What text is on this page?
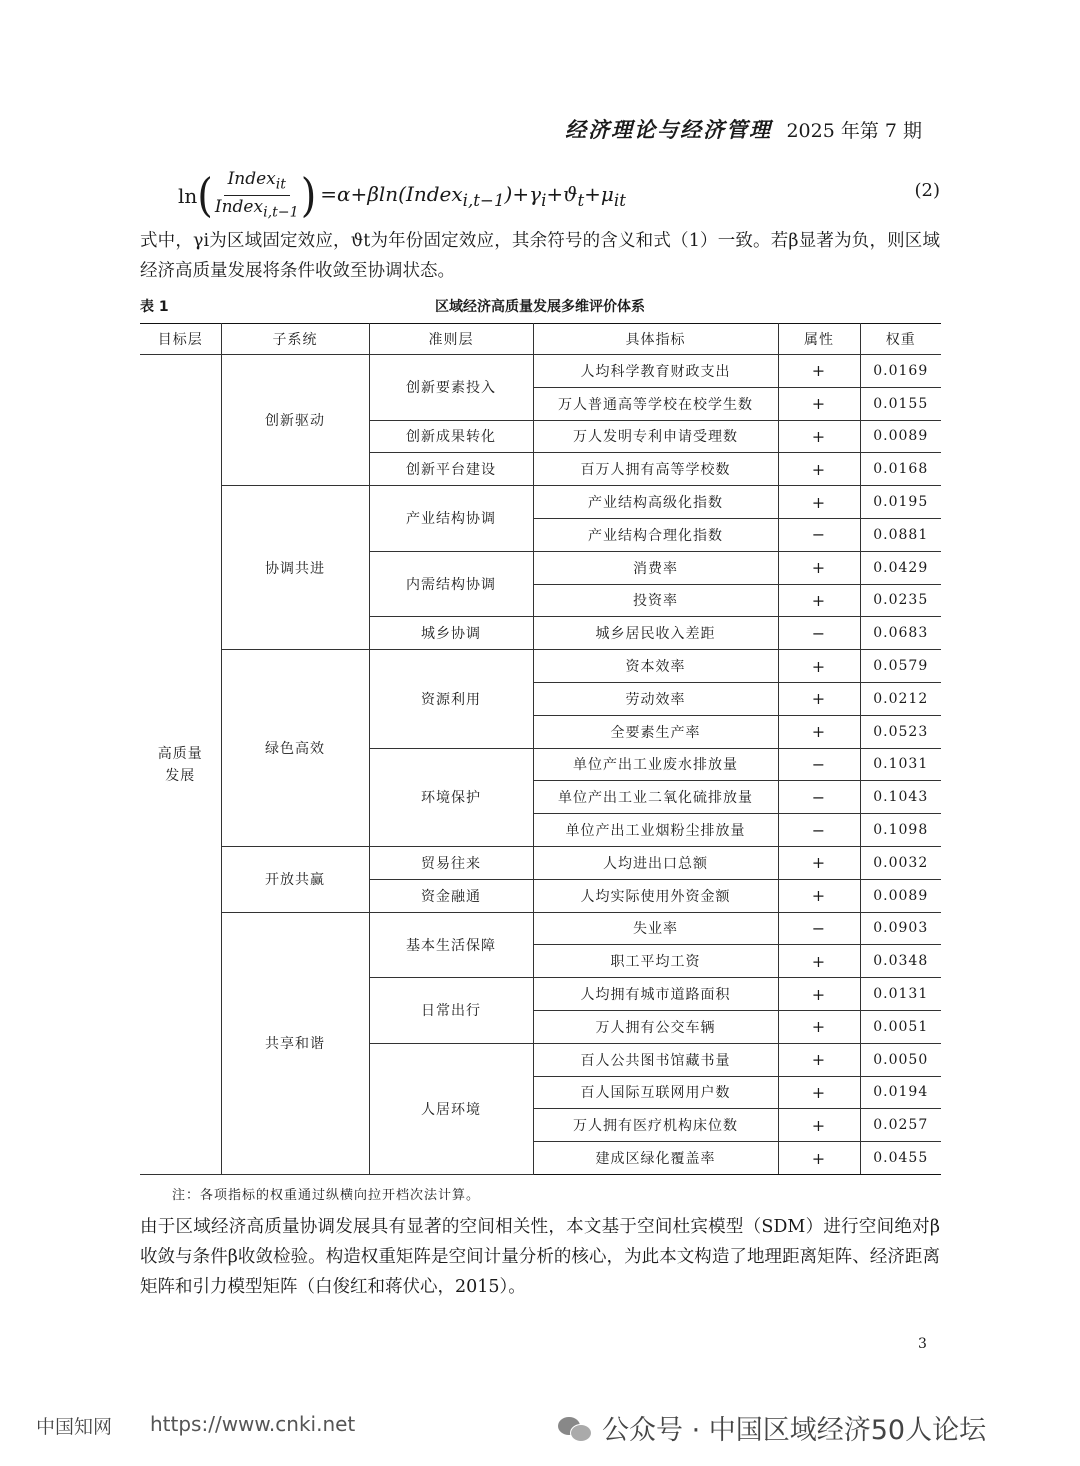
经济理论与经济管理 2025 年第 7 期
ln ( $\frac{Index_{it}}{Index_{i,t-1}}$ ) $=\alpha+\beta\ln(Index_{i,t-1})+\gamma_i+ϑ_t+\mu_{it}$	(2)
式中，γi为区域固定效应，ϑt为年份固定效应，其余符号的含义和式（1）一致。若β显著为负，则区域经济高质量发展将条件收敛至协调状态。
表 1	区域经济高质量发展多维评价体系
目标层	子系统	准则层	具体指标	属性	权重

高质量
发展	创新驱动	创新要素投入	人均科学教育财政支出	+	0.0169
			万人普通高等学校在校学生数	+	0.0155
		创新成果转化	万人发明专利申请受理数	+	0.0089
		创新平台建设	百万人拥有高等学校数	+	0.0168
	协调共进	产业结构协调	产业结构高级化指数	+	0.0195
			产业结构合理化指数	−	0.0881
		内需结构协调	消费率	+	0.0429
			投资率	+	0.0235
		城乡协调	城乡居民收入差距	−	0.0683
	绿色高效	资源利用	资本效率	+	0.0579
			劳动效率	+	0.0212
			全要素生产率	+	0.0523
		环境保护	单位产出工业废水排放量	−	0.1031
			单位产出工业二氧化硫排放量	−	0.1043
			单位产出工业烟粉尘排放量	−	0.1098
	开放共赢	贸易往来	人均进出口总额	+	0.0032
		资金融通	人均实际使用外资金额	+	0.0089
	共享和谐	基本生活保障	失业率	−	0.0903
			职工平均工资	+	0.0348
		日常出行	人均拥有城市道路面积	+	0.0131
			万人拥有公交车辆	+	0.0051
		人居环境	百人公共图书馆藏书量	+	0.0050
			百人国际互联网用户数	+	0.0194
			万人拥有医疗机构床位数	+	0.0257
			建成区绿化覆盖率	+	0.0455
注：各项指标的权重通过纵横向拉开档次法计算。
由于区域经济高质量协调发展具有显著的空间相关性，本文基于空间杜宾模型（SDM）进行空间绝对β收敛与条件β收敛检验。构造权重矩阵是空间计量分析的核心，为此本文构造了地理距离矩阵、经济距离矩阵和引力模型矩阵（白俊红和蒋伏心，2015）。
3
中国知网 https://www.cnki.net	公众号 · 中国区域经济50人论坛
